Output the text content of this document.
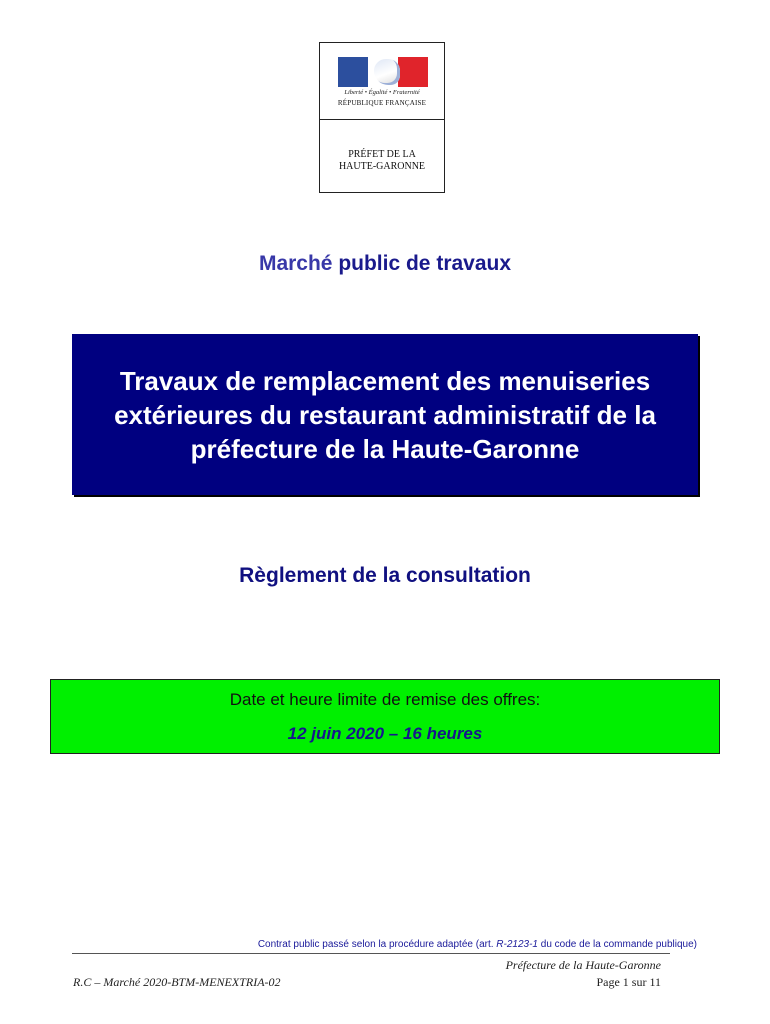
Liberté • Égalité • Fraternité
RÉPUBLIQUE FRANÇAISE
PRÉFET DE LA
HAUTE-GARONNE
Marché public de travaux
Travaux de remplacement des menuiseries extérieures du restaurant administratif de la préfecture de la Haute-Garonne
Règlement de la consultation
Date et heure limite de remise des offres:
12 juin 2020 – 16 heures
Contrat public passé selon la procédure adaptée (art. R-2123-1 du code de la commande publique)
Préfecture de la Haute-Garonne
R.C – Marché 2020-BTM-MENEXTRIA-02	Page 1 sur 11
